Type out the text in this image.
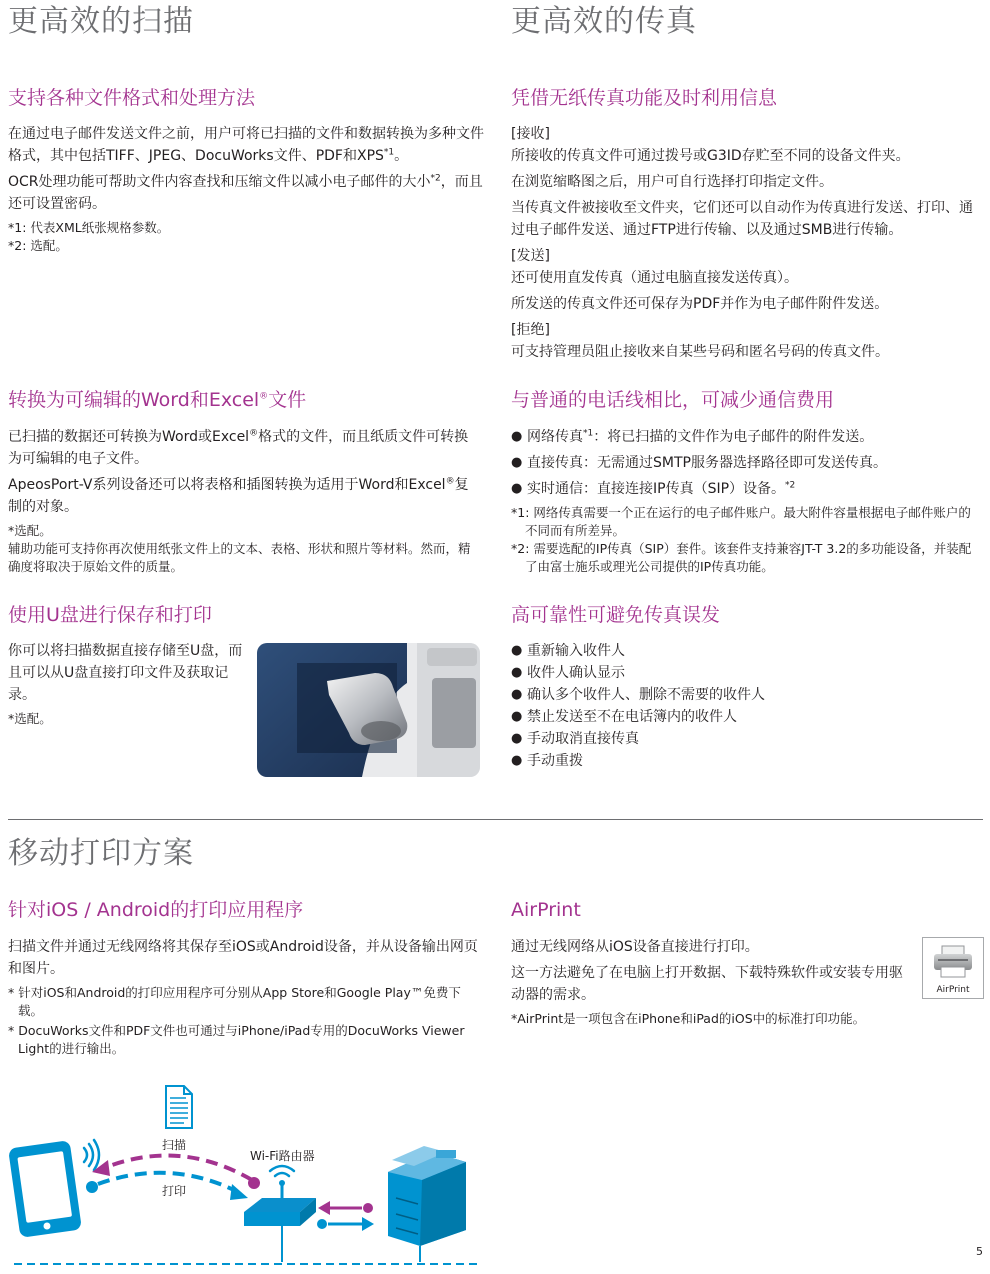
更高效的扫描
支持各种文件格式和处理方法

在通过电子邮件发送文件之前，用户可将已扫描的文件和数据转换为多种文件格式，其中包括TIFF、JPEG、DocuWorks文件、PDF和XPS$^{*1}$。

OCR处理功能可帮助文件内容查找和压缩文件以减小电子邮件的大小$^{*2}$，而且还可设置密码。

*1: 代表XML纸张规格参数。

*2: 选配。

转换为可编辑的Word和Excel®文件

已扫描的数据还可转换为Word或Excel®格式的文件，而且纸质文件可转换为可编辑的电子文件。

ApeosPort-V系列设备还可以将表格和插图转换为适用于Word和Excel®复制的对象。

*选配。

辅助功能可支持你再次使用纸张文件上的文本、表格、形状和照片等材料。然而，精确度将取决于原始文件的质量。

使用U盘进行保存和打印

你可以将扫描数据直接存储至U盘，而且可以从U盘直接打印文件及获取记录。

*选配。

更高效的传真
凭借无纸传真功能及时利用信息

[接收]

所接收的传真文件可通过拨号或G3ID存贮至不同的设备文件夹。

在浏览缩略图之后，用户可自行选择打印指定文件。

当传真文件被接收至文件夹，它们还可以自动作为传真进行发送、打印、通过电子邮件发送、通过FTP进行传输、以及通过SMB进行传输。

[发送]

还可使用直发传真（通过电脑直接发送传真）。

所发送的传真文件还可保存为PDF并作为电子邮件附件发送。

[拒绝]

可支持管理员阻止接收来自某些号码和匿名号码的传真文件。

与普通的电话线相比，可减少通信费用

● 网络传真$^{*1}$：将已扫描的文件作为电子邮件的附件发送。

● 直接传真：无需通过SMTP服务器选择路径即可发送传真。

● 实时通信：直接连接IP传真（SIP）设备。$^{*2}$

*1: 网络传真需要一个正在运行的电子邮件账户。最大附件容量根据电子邮件账户的不同而有所差异。

*2: 需要选配的IP传真（SIP）套件。该套件支持兼容JT-T 3.2的多功能设备，并装配了由富士施乐或理光公司提供的IP传真功能。

高可靠性可避免传真误发

● 重新输入收件人

● 收件人确认显示

● 确认多个收件人、删除不需要的收件人

● 禁止发送至不在电话簿内的收件人

● 手动取消直接传真

● 手动重拨

移动打印方案
针对iOS / Android的打印应用程序

扫描文件并通过无线网络将其保存至iOS或Android设备，并从设备输出网页和图片。

* 针对iOS和Android的打印应用程序可分别从App Store和Google Play™免费下载。

* DocuWorks文件和PDF文件也可通过与iPhone/iPad专用的DocuWorks Viewer Light的进行输出。

AirPrint

通过无线网络从iOS设备直接进行打印。

这一方法避免了在电脑上打开数据、下载特殊软件或安装专用驱动器的需求。

*AirPrint是一项包含在iPhone和iPad的iOS中的标准打印功能。

AirPrint
扫描
打印
Wi-Fi路由器
5
